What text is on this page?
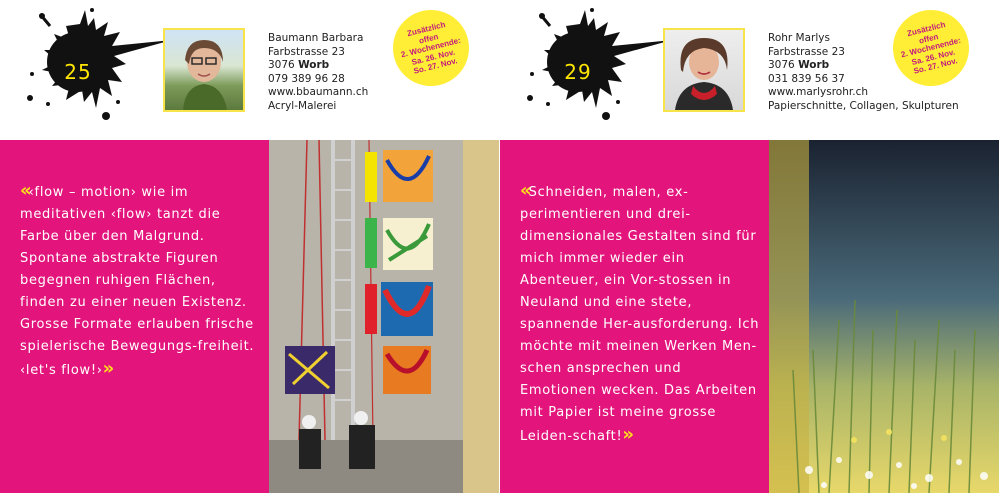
25
Baumann Barbara
Farbstrasse 23
3076 Worb
079 389 96 28
www.bbaumann.ch
Acryl-Malerei
Zusätzlich
offen
2. Wochenende:
Sa. 26. Nov.
So. 27. Nov.
«‹flow – motion› wie im meditativen ‹flow› tanzt die Farbe über den Malgrund. Spontane abstrakte Figuren begegnen ruhigen Flächen, finden zu einer neuen Existenz. Grosse Formate erlauben frische spielerische Bewegungs-freiheit. ‹let's flow!›»
29
Rohr Marlys
Farbstrasse 23
3076 Worb
031 839 56 37
www.marlysrohr.ch
Papierschnitte, Collagen, Skulpturen
Zusätzlich
offen
2. Wochenende:
Sa. 26. Nov.
So. 27. Nov.
«Schneiden, malen, ex-perimentieren und drei-dimensionales Gestalten sind für mich immer wieder ein Abenteuer, ein Vor-stossen in Neuland und eine stete, spannende Her-ausforderung. Ich möchte mit meinen Werken Men-schen ansprechen und Emotionen wecken. Das Arbeiten mit Papier ist meine grosse Leiden-schaft!»
